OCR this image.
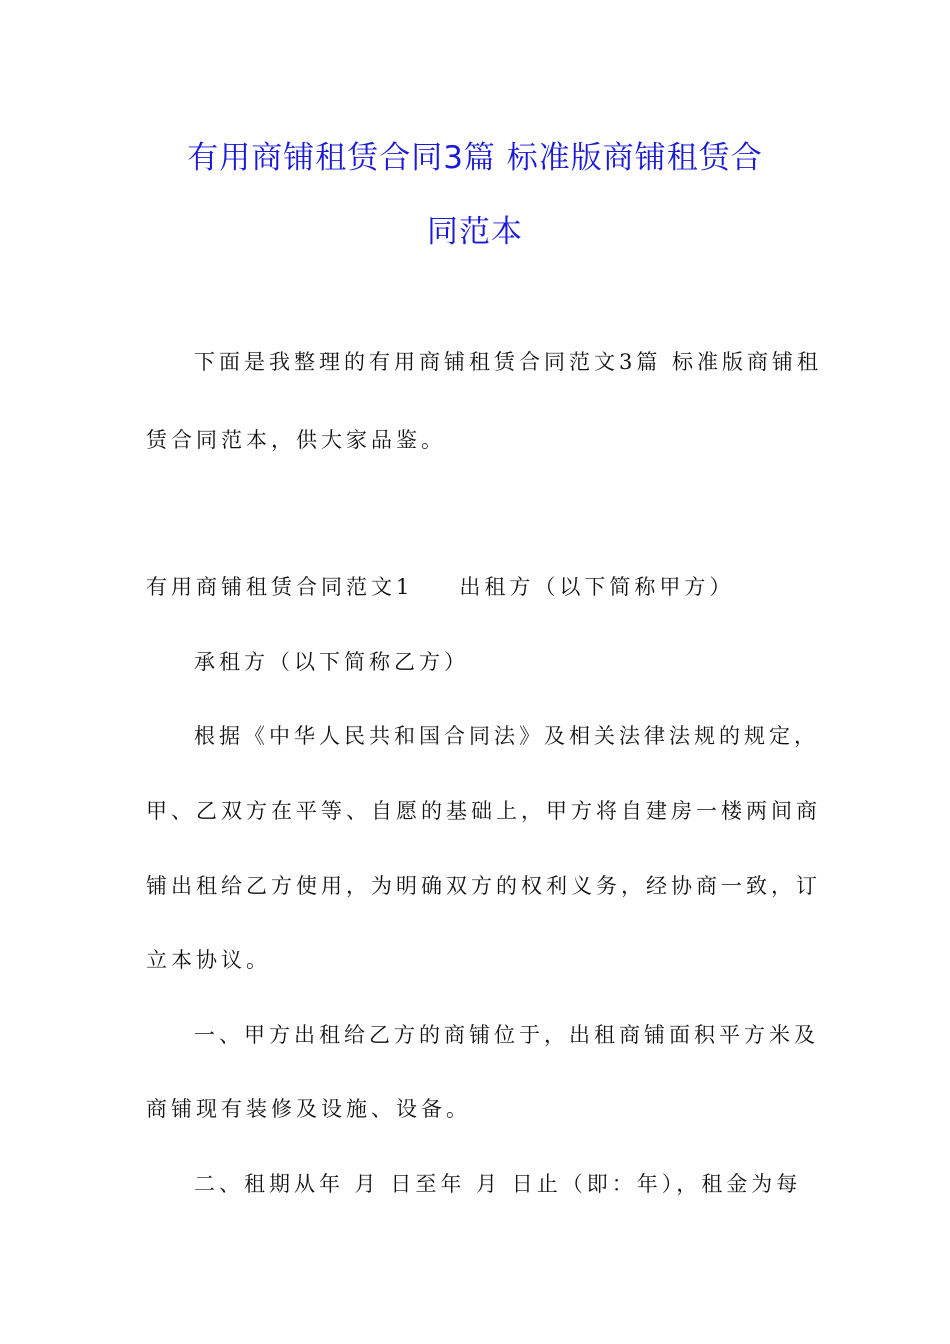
有用商铺租赁合同3篇 标准版商铺租赁合
同范本
下面是我整理的有用商铺租赁合同范文3篇 标准版商铺租
赁合同范本，供大家品鉴。
有用商铺租赁合同范文1 出租方（以下简称甲方）
承租方（以下简称乙方）
根据《中华人民共和国合同法》及相关法律法规的规定，
甲、乙双方在平等、自愿的基础上，甲方将自建房一楼两间商
铺出租给乙方使用，为明确双方的权利义务，经协商一致，订
立本协议。
一、甲方出租给乙方的商铺位于，出租商铺面积平方米及
商铺现有装修及设施、设备。
二、租期从年 月 日至年 月 日止（即：年），租金为每
